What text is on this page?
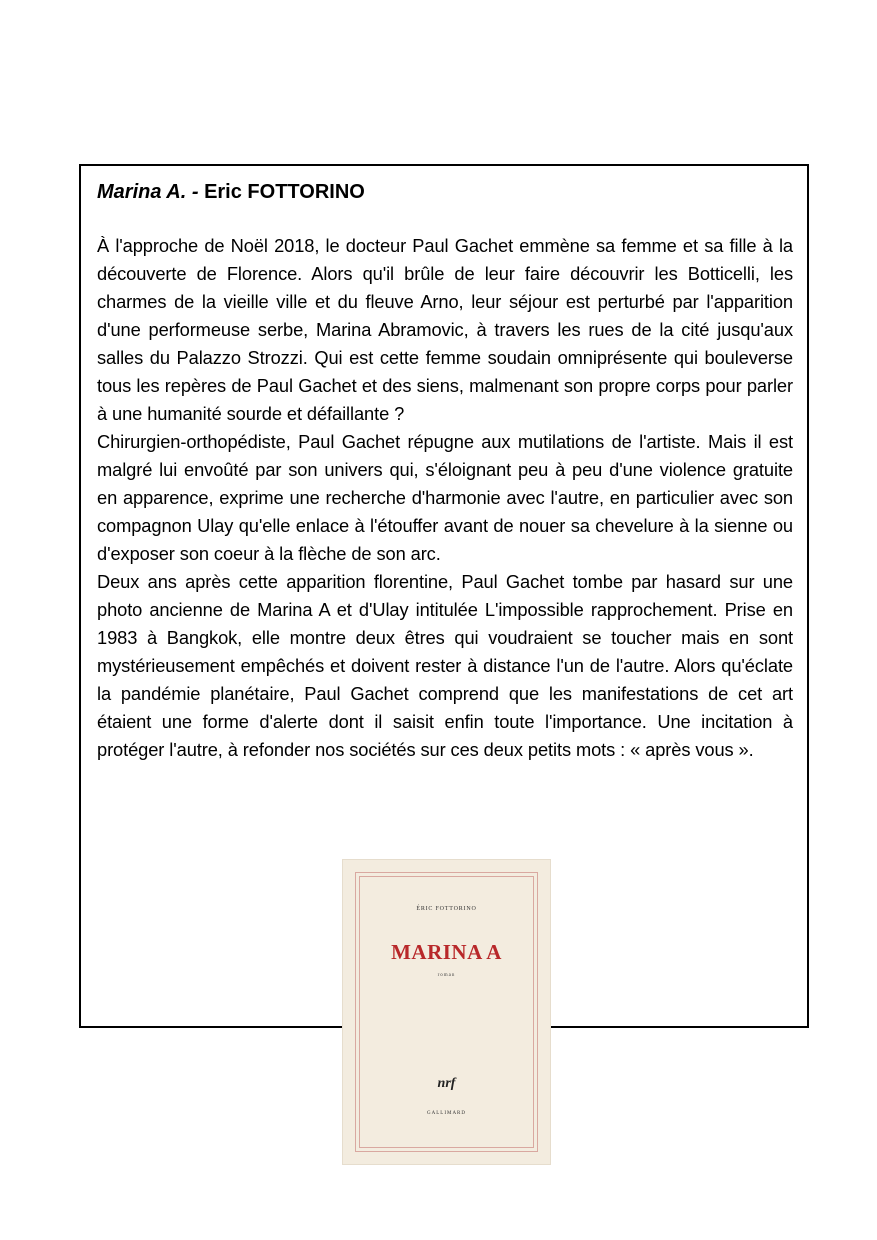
Marina A. - Eric FOTTORINO

À l'approche de Noël 2018, le docteur Paul Gachet emmène sa femme et sa fille à la découverte de Florence. Alors qu'il brûle de leur faire découvrir les Botticelli, les charmes de la vieille ville et du fleuve Arno, leur séjour est perturbé par l'apparition d'une performeuse serbe, Marina Abramovic, à travers les rues de la cité jusqu'aux salles du Palazzo Strozzi. Qui est cette femme soudain omniprésente qui bouleverse tous les repères de Paul Gachet et des siens, malmenant son propre corps pour parler à une humanité sourde et défaillante ?

Chirurgien-orthopédiste, Paul Gachet répugne aux mutilations de l'artiste. Mais il est malgré lui envoûté par son univers qui, s'éloignant peu à peu d'une violence gratuite en apparence, exprime une recherche d'harmonie avec l'autre, en particulier avec son compagnon Ulay qu'elle enlace à l'étouffer avant de nouer sa chevelure à la sienne ou d'exposer son coeur à la flèche de son arc.

Deux ans après cette apparition florentine, Paul Gachet tombe par hasard sur une photo ancienne de Marina A et d'Ulay intitulée L'impossible rapprochement. Prise en 1983 à Bangkok, elle montre deux êtres qui voudraient se toucher mais en sont mystérieusement empêchés et doivent rester à distance l'un de l'autre. Alors qu'éclate la pandémie planétaire, Paul Gachet comprend que les manifestations de cet art étaient une forme d'alerte dont il saisit enfin toute l'importance. Une incitation à protéger l'autre, à refonder nos sociétés sur ces deux petits mots : « après vous ».

ÉRIC FOTTORINO
MARINA A
roman
nrf
GALLIMARD
